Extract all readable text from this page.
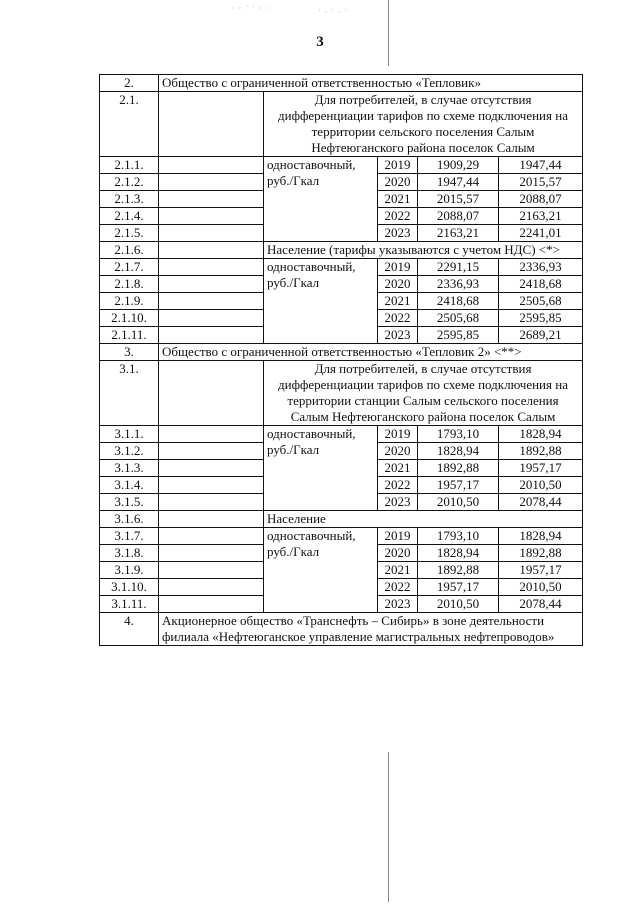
3
· · ˙ ˙ · ·	˙ · ˙ · ˙
2.	Общество с ограниченной ответственностью «Тепловик»				
2.1.		Для потребителей, в случае отсутствия дифференциации тарифов по схеме подключения на территории сельского поселения Салым Нефтеюганского района поселок Салым			
2.1.1.		одноставочный, руб./Гкал	2019	1909,29	1947,44
2.1.2.			2020	1947,44	2015,57
2.1.3.			2021	2015,57	2088,07
2.1.4.			2022	2088,07	2163,21
2.1.5.			2023	2163,21	2241,01
2.1.6.		Население (тарифы указываются с учетом НДС) <*>			
2.1.7.		одноставочный, руб./Гкал	2019	2291,15	2336,93
2.1.8.			2020	2336,93	2418,68
2.1.9.			2021	2418,68	2505,68
2.1.10.			2022	2505,68	2595,85
2.1.11.			2023	2595,85	2689,21
3.	Общество с ограниченной ответственностью «Тепловик 2» <**>				
3.1.		Для потребителей, в случае отсутствия дифференциации тарифов по схеме подключения на территории станции Салым сельского поселения Салым Нефтеюганского района поселок Салым			
3.1.1.		одноставочный, руб./Гкал	2019	1793,10	1828,94
3.1.2.			2020	1828,94	1892,88
3.1.3.			2021	1892,88	1957,17
3.1.4.			2022	1957,17	2010,50
3.1.5.			2023	2010,50	2078,44
3.1.6.		Население			
3.1.7.		одноставочный, руб./Гкал	2019	1793,10	1828,94
3.1.8.			2020	1828,94	1892,88
3.1.9.			2021	1892,88	1957,17
3.1.10.			2022	1957,17	2010,50
3.1.11.			2023	2010,50	2078,44
4.	Акционерное общество «Транснефть – Сибирь» в зоне деятельности филиала «Нефтеюганское управление магистральных нефтепроводов»				
